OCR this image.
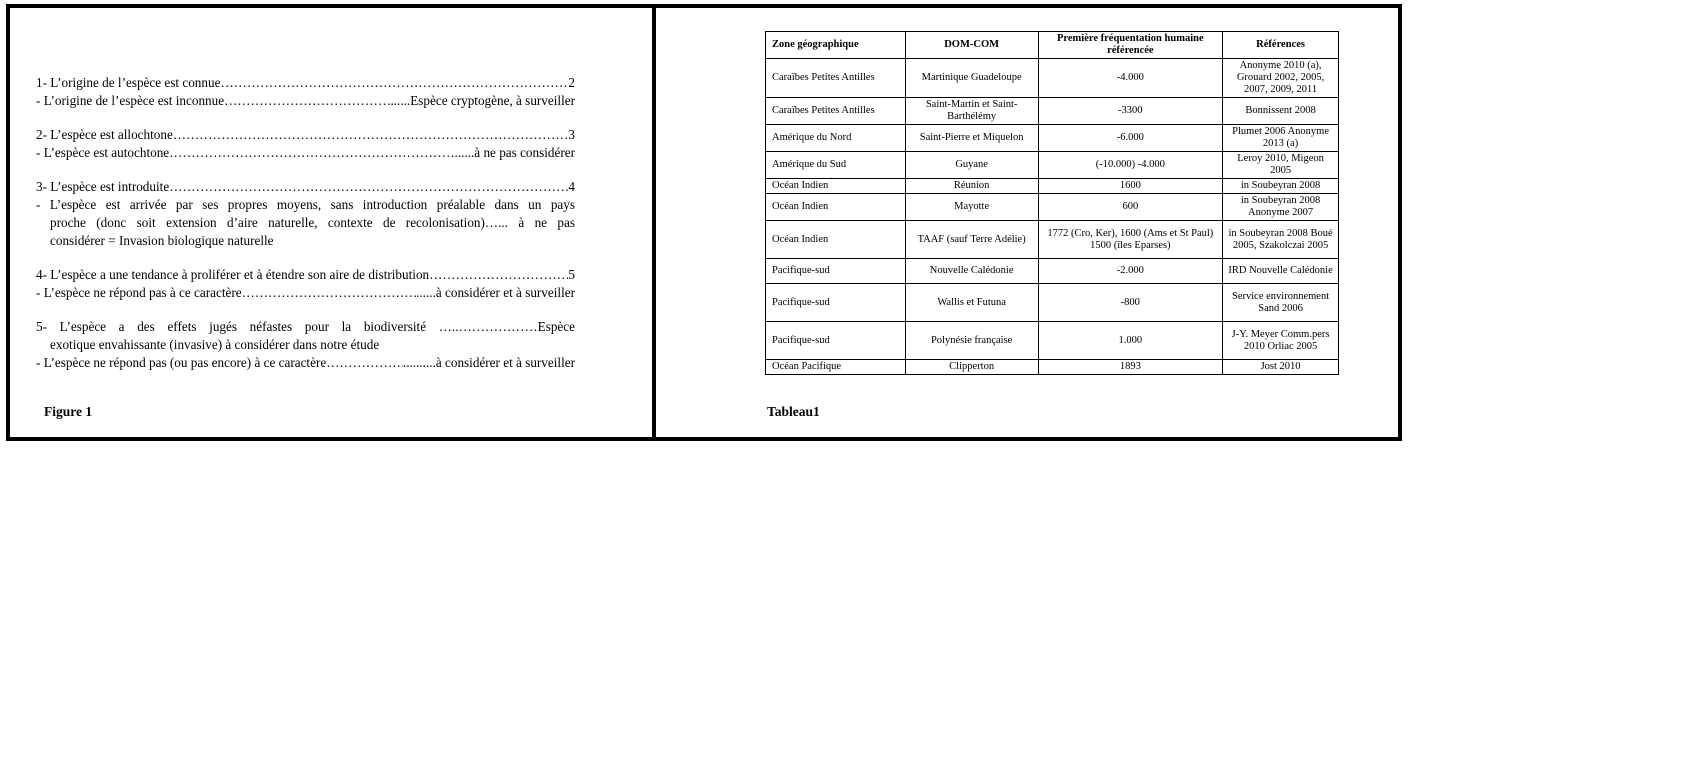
1- L’origine de l’espèce est connue ……………………………………………………………………………………………………………………………………………………………………	2
- L’origine de l’espèce est inconnue ……………………………………………………………………………………………………………………………………………………………………	......Espèce cryptogène, à surveiller
2- L’espèce est allochtone ……………………………………………………………………………………………………………………………………………………………………	3
- L’espèce est autochtone ……………………………………………………………………………………………………………………………………………………………………	......à ne pas considérer
3- L’espèce est introduite ……………………………………………………………………………………………………………………………………………………………………	4
- L’espèce est arrivée par ses propres moyens, sans introduction préalable dans un pays
proche (donc soit extension d’aire naturelle, contexte de recolonisation)…... à ne pas
considérer = Invasion biologique naturelle
4- L’espèce a une tendance à proliférer et à étendre son aire de distribution ……………………………………………………………………………………………………………………………………………………………………	5
- L’espèce ne répond pas à ce caractère ……………………………………………………………………………………………………………………………………………………………………	......à considérer et à surveiller
5- L’espèce a des effets jugés néfastes pour la biodiversité …..………………Espèce
exotique envahissante (invasive) à considérer dans notre étude
- L’espèce ne répond pas (ou pas encore) à ce caractère ……………………………………………………………………………………………………………………………………………………………………	..........à considérer et à surveiller
Figure 1
Zone géographique	DOM-COM	Première fréquentation humaine référencée	Références
Caraïbes Petites Antilles	Martinique Guadeloupe	-4.000	Anonyme 2010 (a), Grouard 2002, 2005, 2007, 2009, 2011
Caraïbes Petites Antilles	Saint-Martin et Saint-Barthélémy	-3300	Bonnissent 2008
Amérique du Nord	Saint-Pierre et Miquelon	-6.000	Plumet 2006 Anonyme 2013 (a)
Amérique du Sud	Guyane	(-10.000) -4.000	Leroy 2010, Migeon 2005
Océan Indien	Réunion	1600	in Soubeyran 2008
Océan Indien	Mayotte	600	in Soubeyran 2008 Anonyme 2007
Océan Indien	TAAF (sauf Terre Adélie)	1772 (Cro, Ker), 1600 (Ams et St Paul) 1500 (îles Eparses)	in Soubeyran 2008 Boué 2005, Szakolczai 2005
Pacifique-sud	Nouvelle Calédonie	-2.000	IRD Nouvelle Calédonie
Pacifique-sud	Wallis et Futuna	-800	Service environnement Sand 2006
Pacifique-sud	Polynésie française	1.000	J-Y. Meyer Comm.pers 2010 Orliac 2005
Océan Pacifique	Clipperton	1893	Jost 2010
Tableau1
